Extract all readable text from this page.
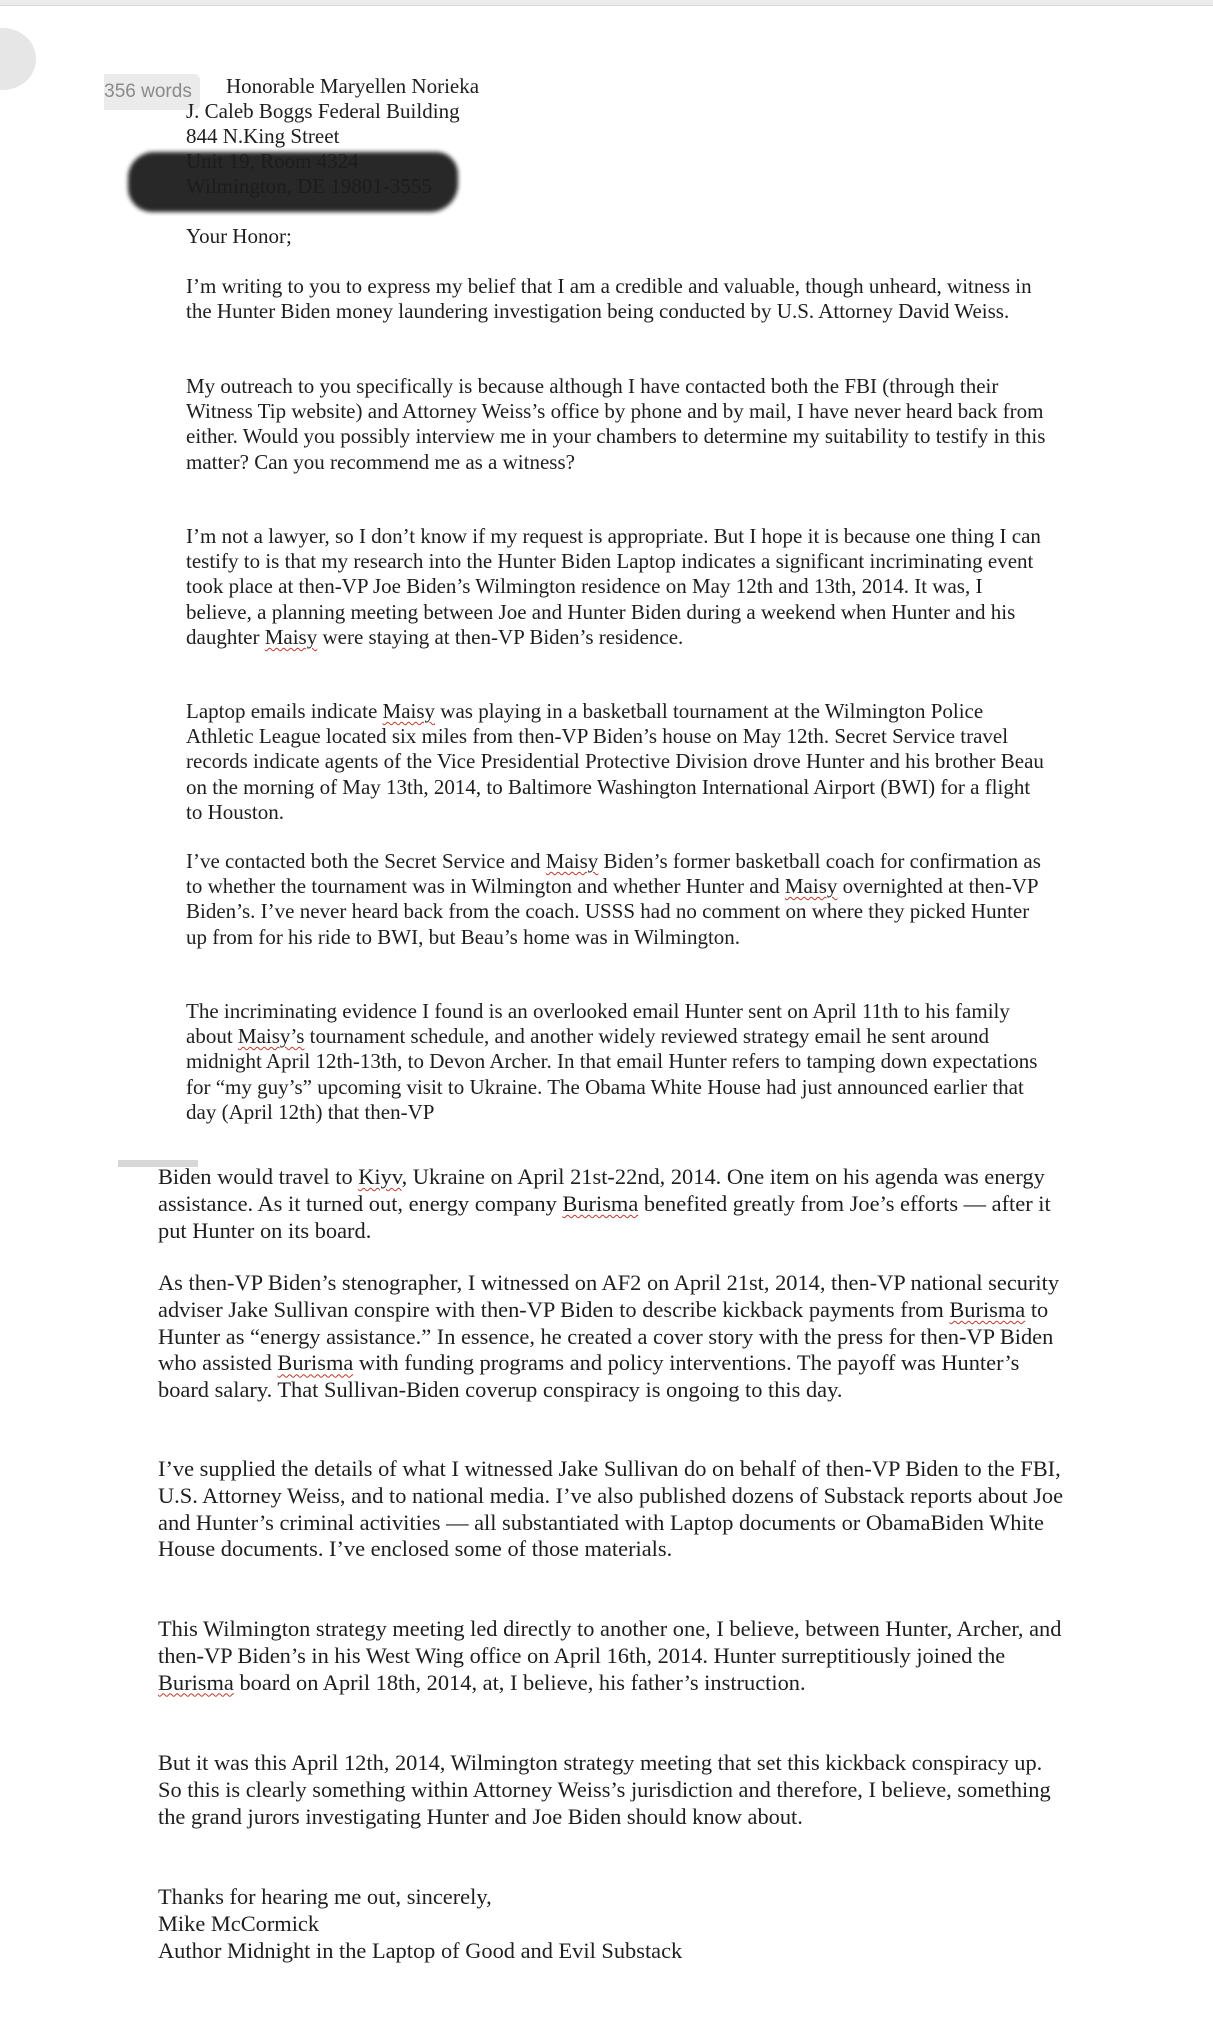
356 words	Honorable Maryellen Norieka
J. Caleb Boggs Federal Building
844 N.King Street

Your Honor;

I’m writing to you to express my belief that I am a credible and valuable, though unheard, witness in the Hunter Biden money laundering investigation being conducted by U.S. Attorney David Weiss.

My outreach to you specifically is because although I have contacted both the FBI (through their Witness Tip website) and Attorney Weiss’s office by phone and by mail, I have never heard back from either. Would you possibly interview me in your chambers to determine my suitability to testify in this matter? Can you recommend me as a witness?

I’m not a lawyer, so I don’t know if my request is appropriate. But I hope it is because one thing I can testify to is that my research into the Hunter Biden Laptop indicates a significant incriminating event took place at then-VP Joe Biden’s Wilmington residence on May 12th and 13th, 2014. It was, I believe, a planning meeting between Joe and Hunter Biden during a weekend when Hunter and his daughter Maisy were staying at then-VP Biden’s residence.

Laptop emails indicate Maisy was playing in a basketball tournament at the Wilmington Police Athletic League located six miles from then-VP Biden’s house on May 12th. Secret Service travel records indicate agents of the Vice Presidential Protective Division drove Hunter and his brother Beau on the morning of May 13th, 2014, to Baltimore Washington International Airport (BWI) for a flight to Houston.

I’ve contacted both the Secret Service and Maisy Biden’s former basketball coach for confirmation as to whether the tournament was in Wilmington and whether Hunter and Maisy overnighted at then-VP Biden’s. I’ve never heard back from the coach. USSS had no comment on where they picked Hunter up from for his ride to BWI, but Beau’s home was in Wilmington.

The incriminating evidence I found is an overlooked email Hunter sent on April 11th to his family about Maisy’s tournament schedule, and another widely reviewed strategy email he sent around midnight April 12th-13th, to Devon Archer. In that email Hunter refers to tamping down expectations for “my guy’s” upcoming visit to Ukraine. The Obama White House had just announced earlier that day (April 12th) that then-VP

Biden would travel to Kiyv, Ukraine on April 21st-22nd, 2014. One item on his agenda was energy assistance. As it turned out, energy company Burisma benefited greatly from Joe’s efforts — after it put Hunter on its board.

As then-VP Biden’s stenographer, I witnessed on AF2 on April 21st, 2014, then-VP national security adviser Jake Sullivan conspire with then-VP Biden to describe kickback payments from Burisma to Hunter as “energy assistance.” In essence, he created a cover story with the press for then-VP Biden who assisted Burisma with funding programs and policy interventions. The payoff was Hunter’s board salary. That Sullivan-Biden coverup conspiracy is ongoing to this day.

I’ve supplied the details of what I witnessed Jake Sullivan do on behalf of then-VP Biden to the FBI, U.S. Attorney Weiss, and to national media. I’ve also published dozens of Substack reports about Joe and Hunter’s criminal activities — all substantiated with Laptop documents or ObamaBiden White House documents. I’ve enclosed some of those materials.

This Wilmington strategy meeting led directly to another one, I believe, between Hunter, Archer, and then-VP Biden’s in his West Wing office on April 16th, 2014. Hunter surreptitiously joined the Burisma board on April 18th, 2014, at, I believe, his father’s instruction.

But it was this April 12th, 2014, Wilmington strategy meeting that set this kickback conspiracy up. So this is clearly something within Attorney Weiss’s jurisdiction and therefore, I believe, something the grand jurors investigating Hunter and Joe Biden should know about.

Thanks for hearing me out, sincerely,

Mike McCormick

Author Midnight in the Laptop of Good and Evil Substack
